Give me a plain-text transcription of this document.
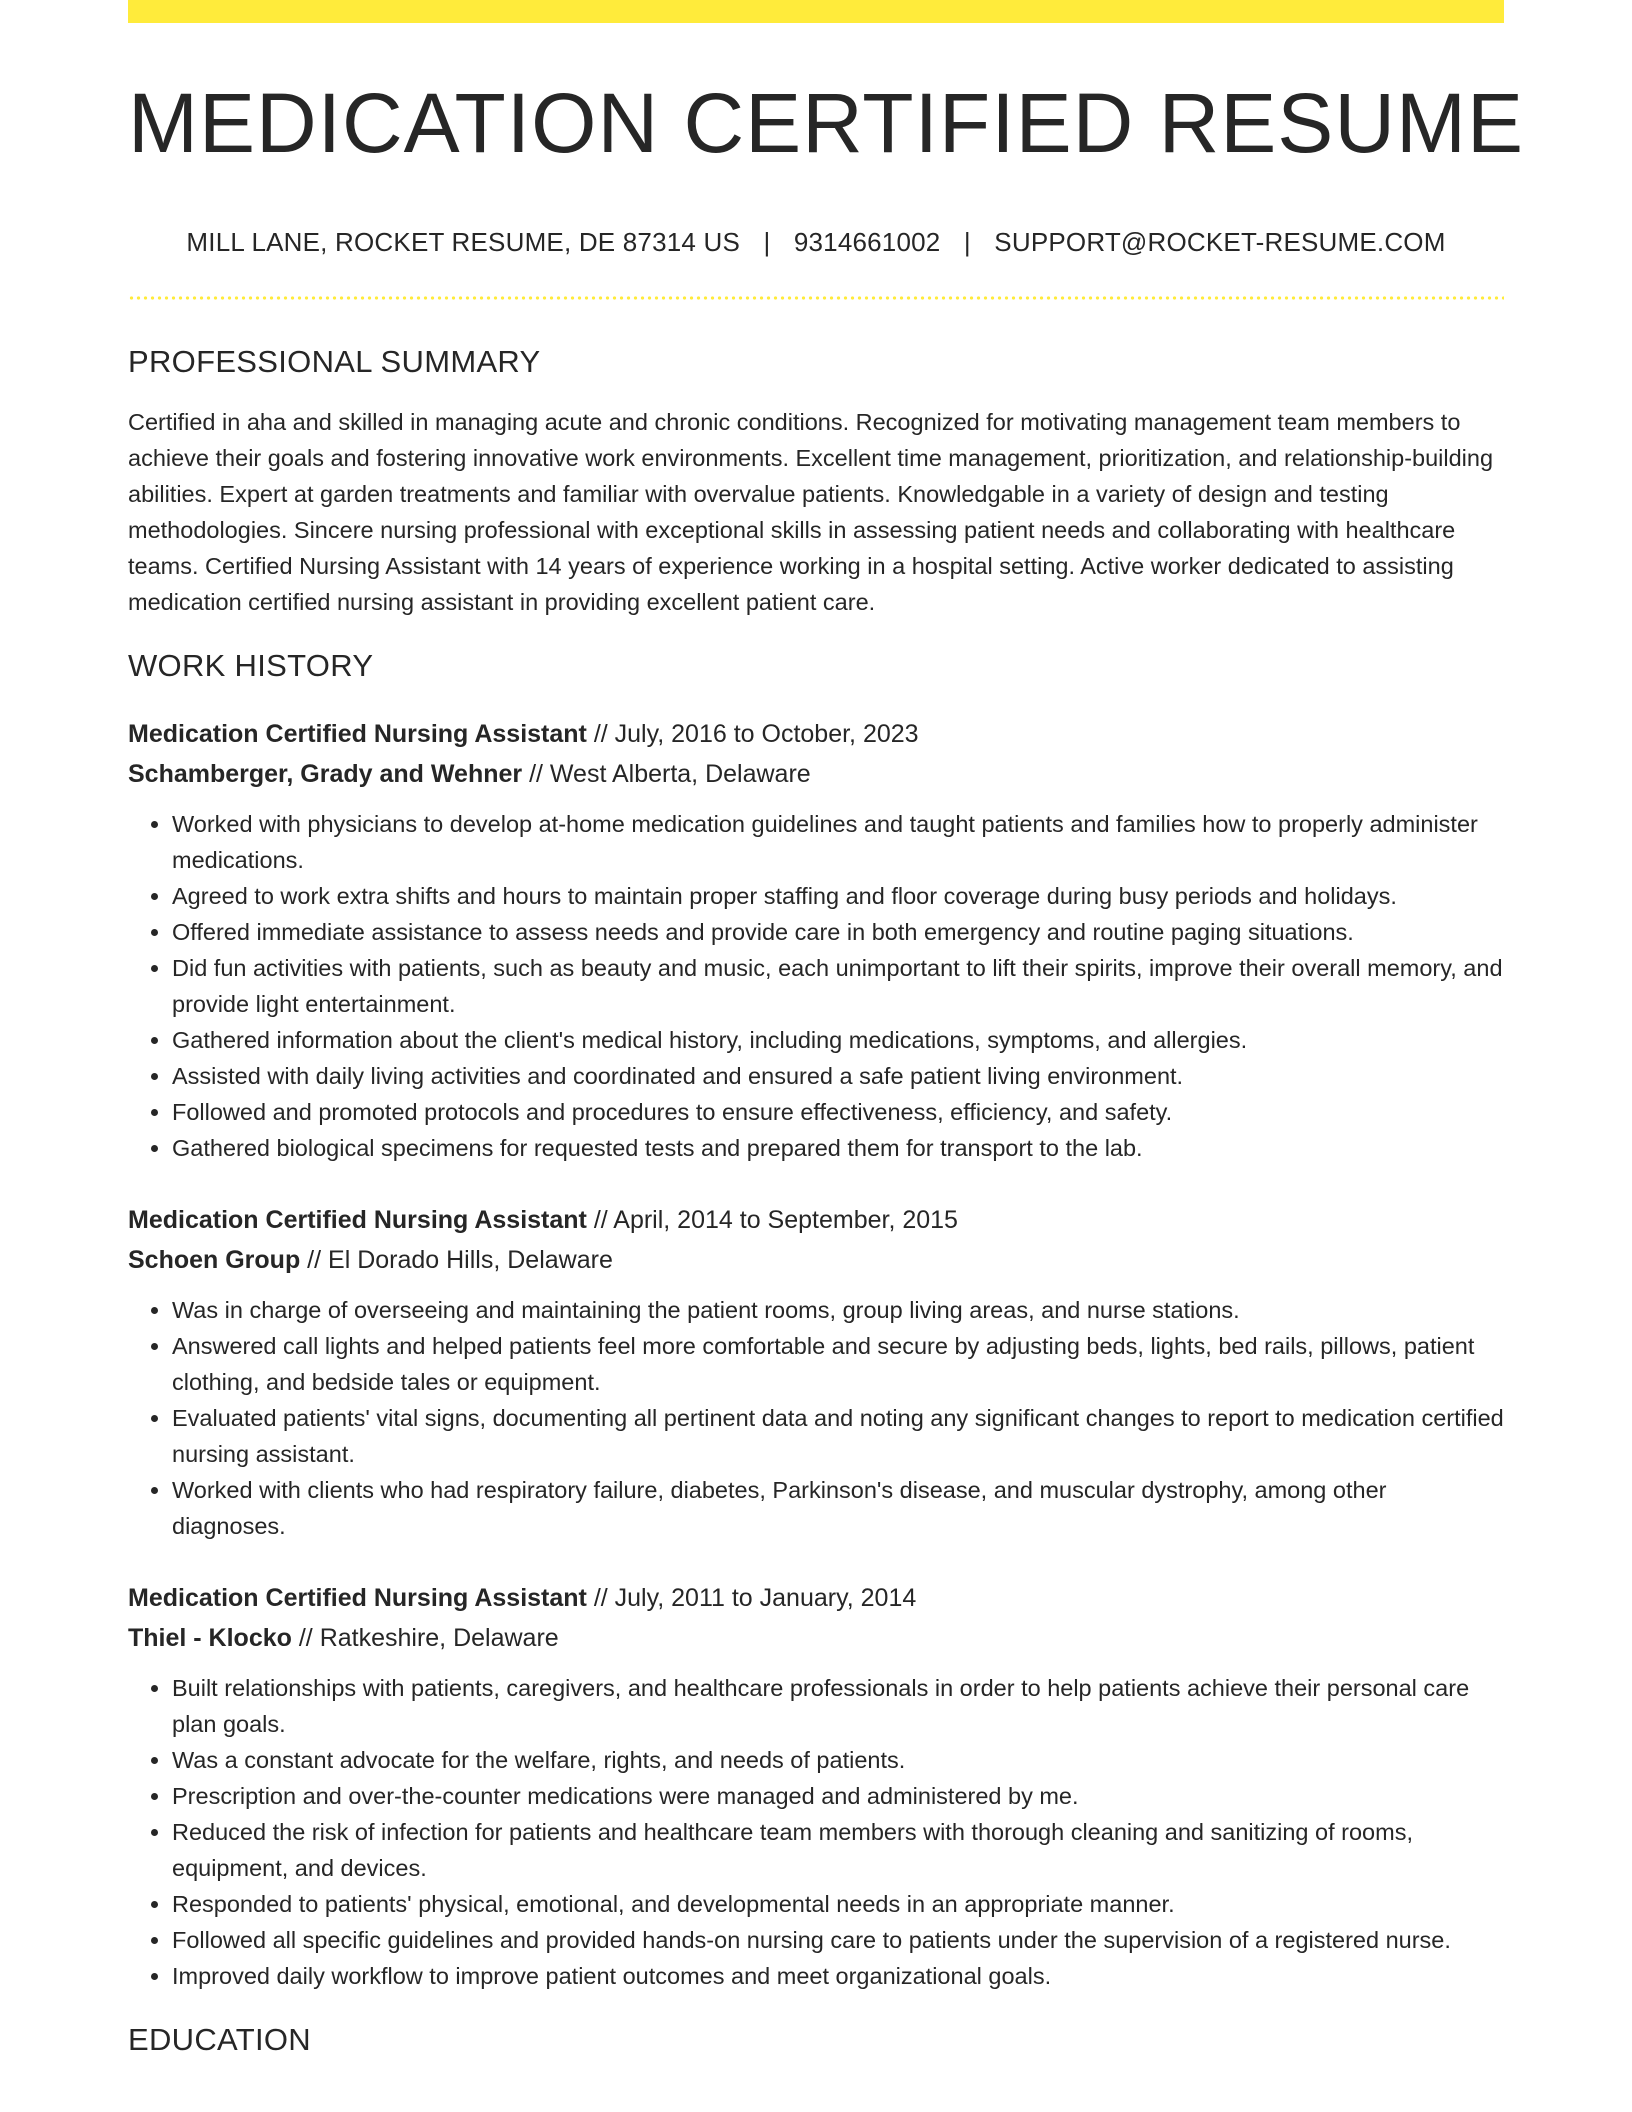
MEDICATION CERTIFIED RESUME
MILL LANE, ROCKET RESUME, DE 87314 US | 9314661002 | SUPPORT@ROCKET-RESUME.COM
PROFESSIONAL SUMMARY

Certified in aha and skilled in managing acute and chronic conditions. Recognized for motivating management team members to achieve their goals and fostering innovative work environments. Excellent time management, prioritization, and relationship-building abilities. Expert at garden treatments and familiar with overvalue patients. Knowledgable in a variety of design and testing methodologies. Sincere nursing professional with exceptional skills in assessing patient needs and collaborating with healthcare teams. Certified Nursing Assistant with 14 years of experience working in a hospital setting. Active worker dedicated to assisting medication certified nursing assistant in providing excellent patient care.

WORK HISTORY
Medication Certified Nursing Assistant // July, 2016 to October, 2023
Schamberger, Grady and Wehner // West Alberta, Delaware
• Worked with physicians to develop at-home medication guidelines and taught patients and families how to properly administer medications.
• Agreed to work extra shifts and hours to maintain proper staffing and floor coverage during busy periods and holidays.
• Offered immediate assistance to assess needs and provide care in both emergency and routine paging situations.
• Did fun activities with patients, such as beauty and music, each unimportant to lift their spirits, improve their overall memory, and provide light entertainment.
• Gathered information about the client's medical history, including medications, symptoms, and allergies.
• Assisted with daily living activities and coordinated and ensured a safe patient living environment.
• Followed and promoted protocols and procedures to ensure effectiveness, efficiency, and safety.
• Gathered biological specimens for requested tests and prepared them for transport to the lab.
Medication Certified Nursing Assistant // April, 2014 to September, 2015
Schoen Group // El Dorado Hills, Delaware
• Was in charge of overseeing and maintaining the patient rooms, group living areas, and nurse stations.
• Answered call lights and helped patients feel more comfortable and secure by adjusting beds, lights, bed rails, pillows, patient clothing, and bedside tales or equipment.
• Evaluated patients' vital signs, documenting all pertinent data and noting any significant changes to report to medication certified nursing assistant.
• Worked with clients who had respiratory failure, diabetes, Parkinson's disease, and muscular dystrophy, among other diagnoses.
Medication Certified Nursing Assistant // July, 2011 to January, 2014
Thiel - Klocko // Ratkeshire, Delaware
• Built relationships with patients, caregivers, and healthcare professionals in order to help patients achieve their personal care plan goals.
• Was a constant advocate for the welfare, rights, and needs of patients.
• Prescription and over-the-counter medications were managed and administered by me.
• Reduced the risk of infection for patients and healthcare team members with thorough cleaning and sanitizing of rooms, equipment, and devices.
• Responded to patients' physical, emotional, and developmental needs in an appropriate manner.
• Followed all specific guidelines and provided hands-on nursing care to patients under the supervision of a registered nurse.
• Improved daily workflow to improve patient outcomes and meet organizational goals.
EDUCATION
